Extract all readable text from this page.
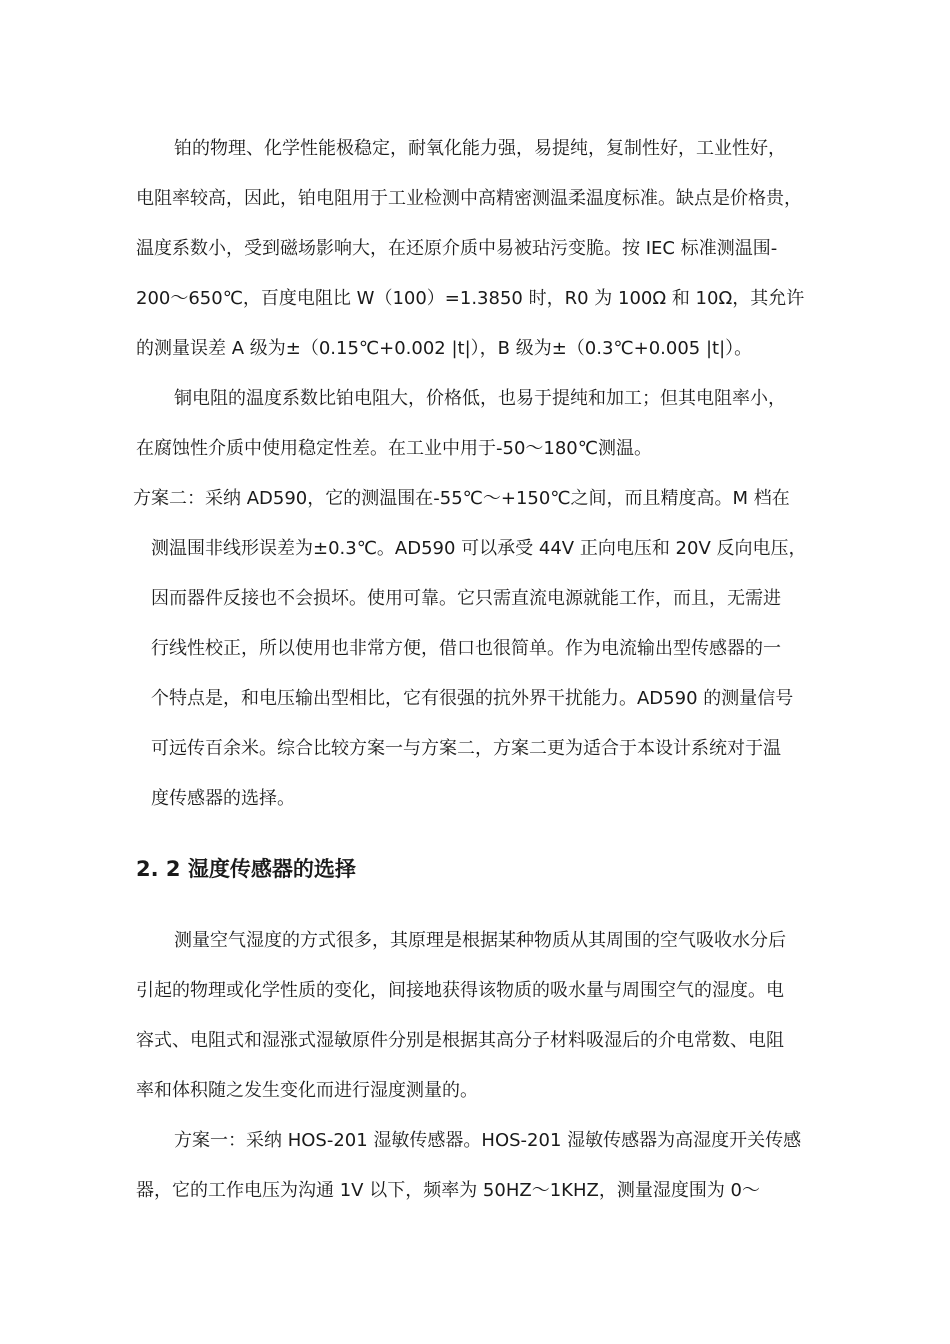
铂的物理、化学性能极稳定，耐氧化能力强，易提纯，复制性好，工业性好，
电阻率较高，因此，铂电阻用于工业检测中高精密测温柔温度标准。缺点是价格贵，
温度系数小，受到磁场影响大，在还原介质中易被玷污变脆。按 IEC 标准测温围-
200～650℃，百度电阻比 W（100）=1.3850 时，R0 为 100Ω 和 10Ω，其允许
的测量误差 A 级为±（0.15℃+0.002 |t|），B 级为±（0.3℃+0.005 |t|）。
铜电阻的温度系数比铂电阻大，价格低，也易于提纯和加工；但其电阻率小，
在腐蚀性介质中使用稳定性差。在工业中用于-50～180℃测温。
方案二：采纳 AD590，它的测温围在-55℃～+150℃之间，而且精度高。M 档在
测温围非线形误差为±0.3℃。AD590 可以承受 44V 正向电压和 20V 反向电压，
因而器件反接也不会损坏。使用可靠。它只需直流电源就能工作，而且，无需进
行线性校正，所以使用也非常方便，借口也很简单。作为电流输出型传感器的一
个特点是，和电压输出型相比，它有很强的抗外界干扰能力。AD590 的测量信号
可远传百余米。综合比较方案一与方案二，方案二更为适合于本设计系统对于温
度传感器的选择。
2. 2 湿度传感器的选择
测量空气湿度的方式很多，其原理是根据某种物质从其周围的空气吸收水分后
引起的物理或化学性质的变化，间接地获得该物质的吸水量与周围空气的湿度。电
容式、电阻式和湿涨式湿敏原件分别是根据其高分子材料吸湿后的介电常数、电阻
率和体积随之发生变化而进行湿度测量的。
方案一：采纳 HOS-201 湿敏传感器。HOS-201 湿敏传感器为高湿度开关传感
器，它的工作电压为沟通 1V 以下，频率为 50HZ～1KHZ，测量湿度围为 0～
